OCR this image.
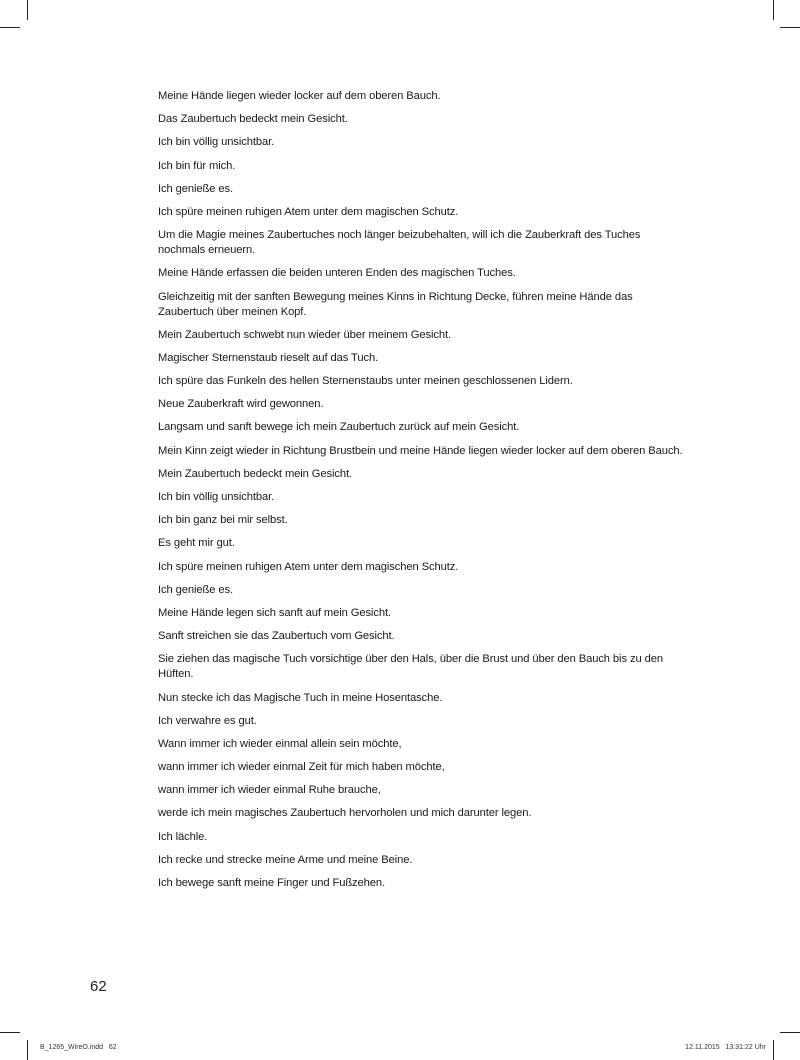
Meine Hände liegen wieder locker auf dem oberen Bauch.

Das Zaubertuch bedeckt mein Gesicht.

Ich bin völlig unsichtbar.

Ich bin für mich.

Ich genieße es.

Ich spüre meinen ruhigen Atem unter dem magischen Schutz.

Um die Magie meines Zaubertuches noch länger beizubehalten, will ich die Zauberkraft des Tuches nochmals erneuern.

Meine Hände erfassen die beiden unteren Enden des magischen Tuches.

Gleichzeitig mit der sanften Bewegung meines Kinns in Richtung Decke, führen meine Hände das Zaubertuch über meinen Kopf.

Mein Zaubertuch schwebt nun wieder über meinem Gesicht.

Magischer Sternenstaub rieselt auf das Tuch.

Ich spüre das Funkeln des hellen Sternenstaubs unter meinen geschlossenen Lidern.

Neue Zauberkraft wird gewonnen.

Langsam und sanft bewege ich mein Zaubertuch zurück auf mein Gesicht.

Mein Kinn zeigt wieder in Richtung Brustbein und meine Hände liegen wieder locker auf dem oberen Bauch.

Mein Zaubertuch bedeckt mein Gesicht.

Ich bin völlig unsichtbar.

Ich bin ganz bei mir selbst.

Es geht mir gut.

Ich spüre meinen ruhigen Atem unter dem magischen Schutz.

Ich genieße es.

Meine Hände legen sich sanft auf mein Gesicht.

Sanft streichen sie das Zaubertuch vom Gesicht.

Sie ziehen das magische Tuch vorsichtige über den Hals, über die Brust und über den Bauch bis zu den Hüften.

Nun stecke ich das Magische Tuch in meine Hosentasche.

Ich verwahre es gut.

Wann immer ich wieder einmal allein sein möchte,

wann immer ich wieder einmal Zeit für mich haben möchte,

wann immer ich wieder einmal Ruhe brauche,

werde ich mein magisches Zaubertuch hervorholen und mich darunter legen.

Ich lächle.

Ich recke und strecke meine Arme und meine Beine.

Ich bewege sanft meine Finger und Fußzehen.

62
B_1265_WireO.indd   62	12.11.2015   13:31:22 Uhr
